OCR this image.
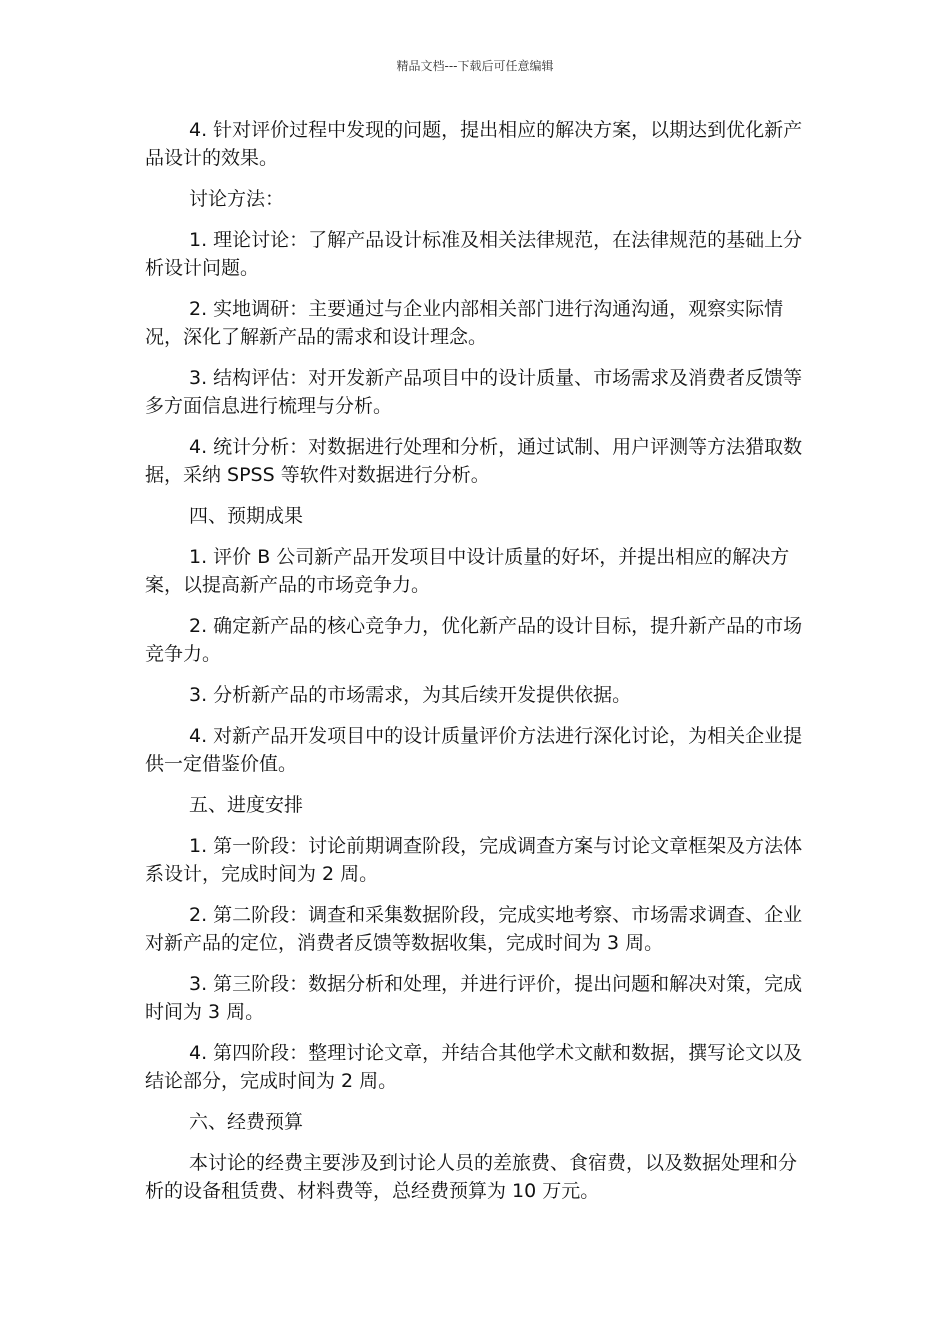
精品文档---下载后可任意编辑

4. 针对评价过程中发现的问题，提出相应的解决方案，以期达到优化新产品设计的效果。

讨论方法：

1. 理论讨论：了解产品设计标准及相关法律规范，在法律规范的基础上分析设计问题。

2. 实地调研：主要通过与企业内部相关部门进行沟通沟通，观察实际情况，深化了解新产品的需求和设计理念。

3. 结构评估：对开发新产品项目中的设计质量、市场需求及消费者反馈等多方面信息进行梳理与分析。

4. 统计分析：对数据进行处理和分析，通过试制、用户评测等方法猎取数据，采纳 SPSS 等软件对数据进行分析。

四、预期成果

1. 评价 B 公司新产品开发项目中设计质量的好坏，并提出相应的解决方案，以提高新产品的市场竞争力。

2. 确定新产品的核心竞争力，优化新产品的设计目标，提升新产品的市场竞争力。

3. 分析新产品的市场需求，为其后续开发提供依据。

4. 对新产品开发项目中的设计质量评价方法进行深化讨论，为相关企业提供一定借鉴价值。

五、进度安排

1. 第一阶段：讨论前期调查阶段，完成调查方案与讨论文章框架及方法体系设计，完成时间为 2 周。

2. 第二阶段：调查和采集数据阶段，完成实地考察、市场需求调查、企业对新产品的定位，消费者反馈等数据收集，完成时间为 3 周。

3. 第三阶段：数据分析和处理，并进行评价，提出问题和解决对策，完成时间为 3 周。

4. 第四阶段：整理讨论文章，并结合其他学术文献和数据，撰写论文以及结论部分，完成时间为 2 周。

六、经费预算

本讨论的经费主要涉及到讨论人员的差旅费、食宿费，以及数据处理和分析的设备租赁费、材料费等，总经费预算为 10 万元。
